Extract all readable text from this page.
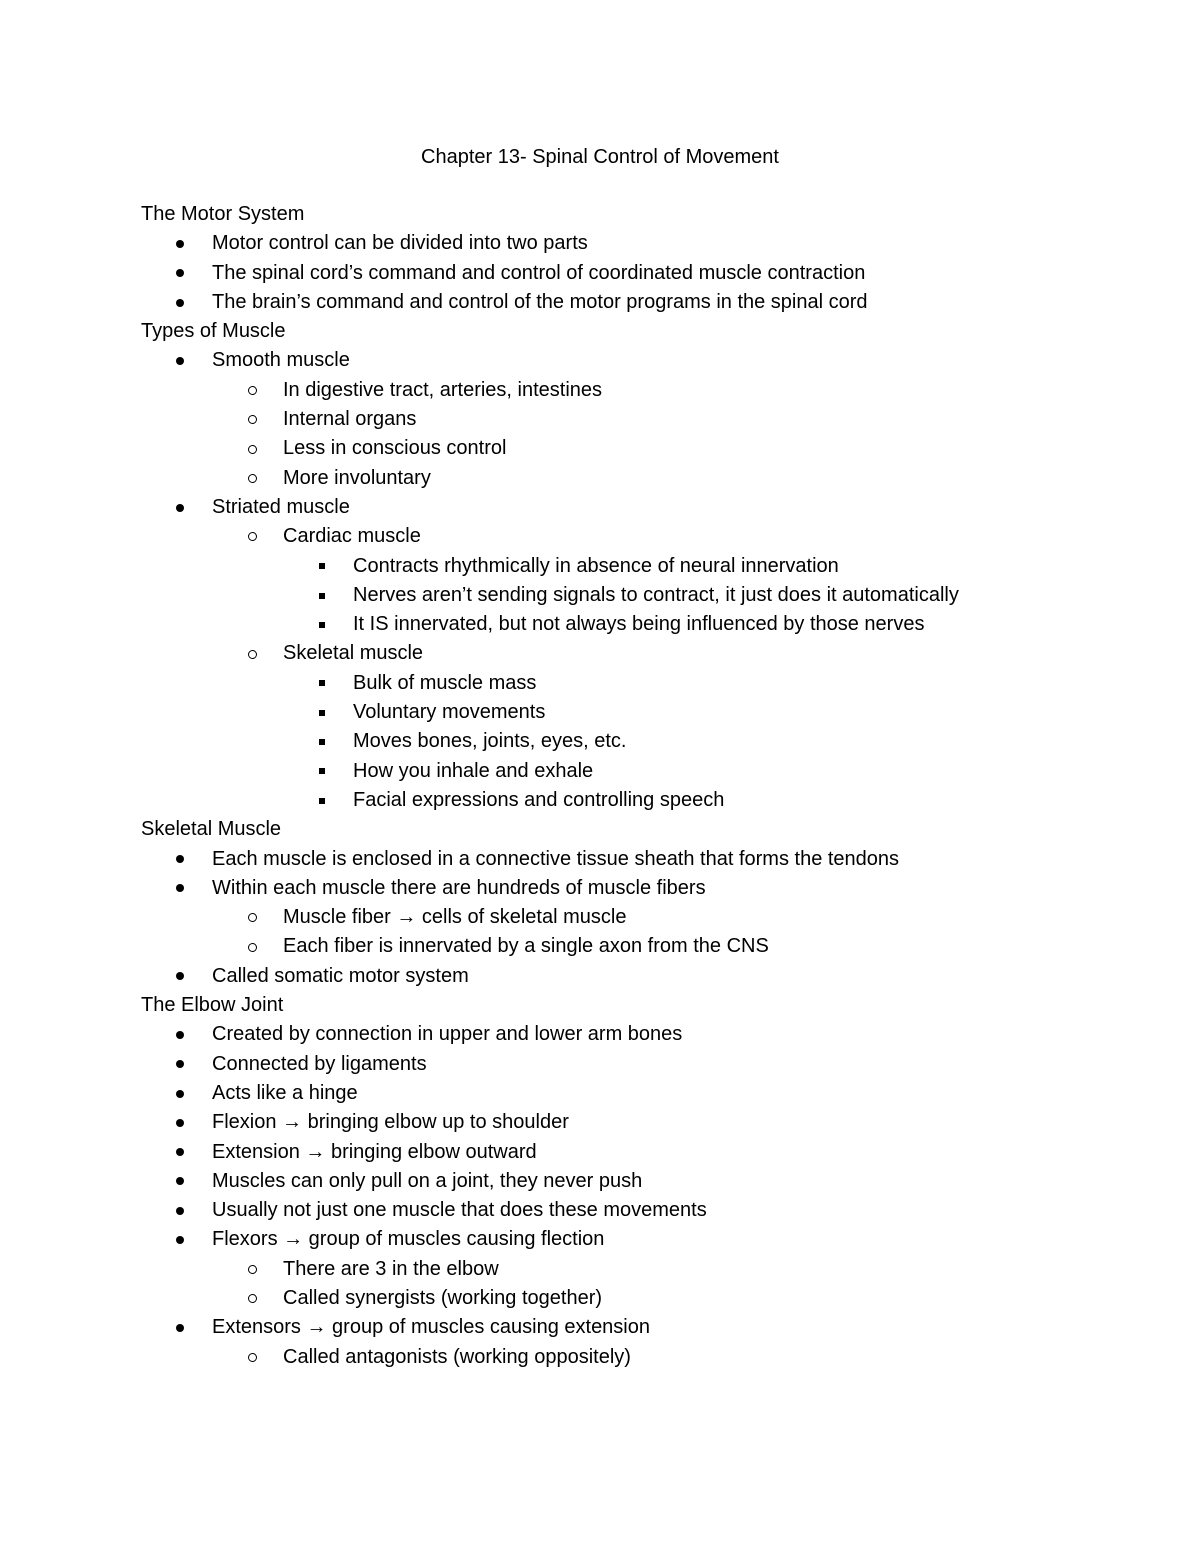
Chapter 13- Spinal Control of Movement
The Motor System
Motor control can be divided into two parts
The spinal cord’s command and control of coordinated muscle contraction
The brain’s command and control of the motor programs in the spinal cord
Types of Muscle
Smooth muscle
In digestive tract, arteries, intestines
Internal organs
Less in conscious control
More involuntary
Striated muscle
Cardiac muscle
Contracts rhythmically in absence of neural innervation
Nerves aren’t sending signals to contract, it just does it automatically
It IS innervated, but not always being influenced by those nerves
Skeletal muscle
Bulk of muscle mass
Voluntary movements
Moves bones, joints, eyes, etc.
How you inhale and exhale
Facial expressions and controlling speech
Skeletal Muscle
Each muscle is enclosed in a connective tissue sheath that forms the tendons
Within each muscle there are hundreds of muscle fibers
Muscle fiber → cells of skeletal muscle
Each fiber is innervated by a single axon from the CNS
Called somatic motor system
The Elbow Joint
Created by connection in upper and lower arm bones
Connected by ligaments
Acts like a hinge
Flexion → bringing elbow up to shoulder
Extension → bringing elbow outward
Muscles can only pull on a joint, they never push
Usually not just one muscle that does these movements
Flexors → group of muscles causing flection
There are 3 in the elbow
Called synergists (working together)
Extensors → group of muscles causing extension
Called antagonists (working oppositely)
